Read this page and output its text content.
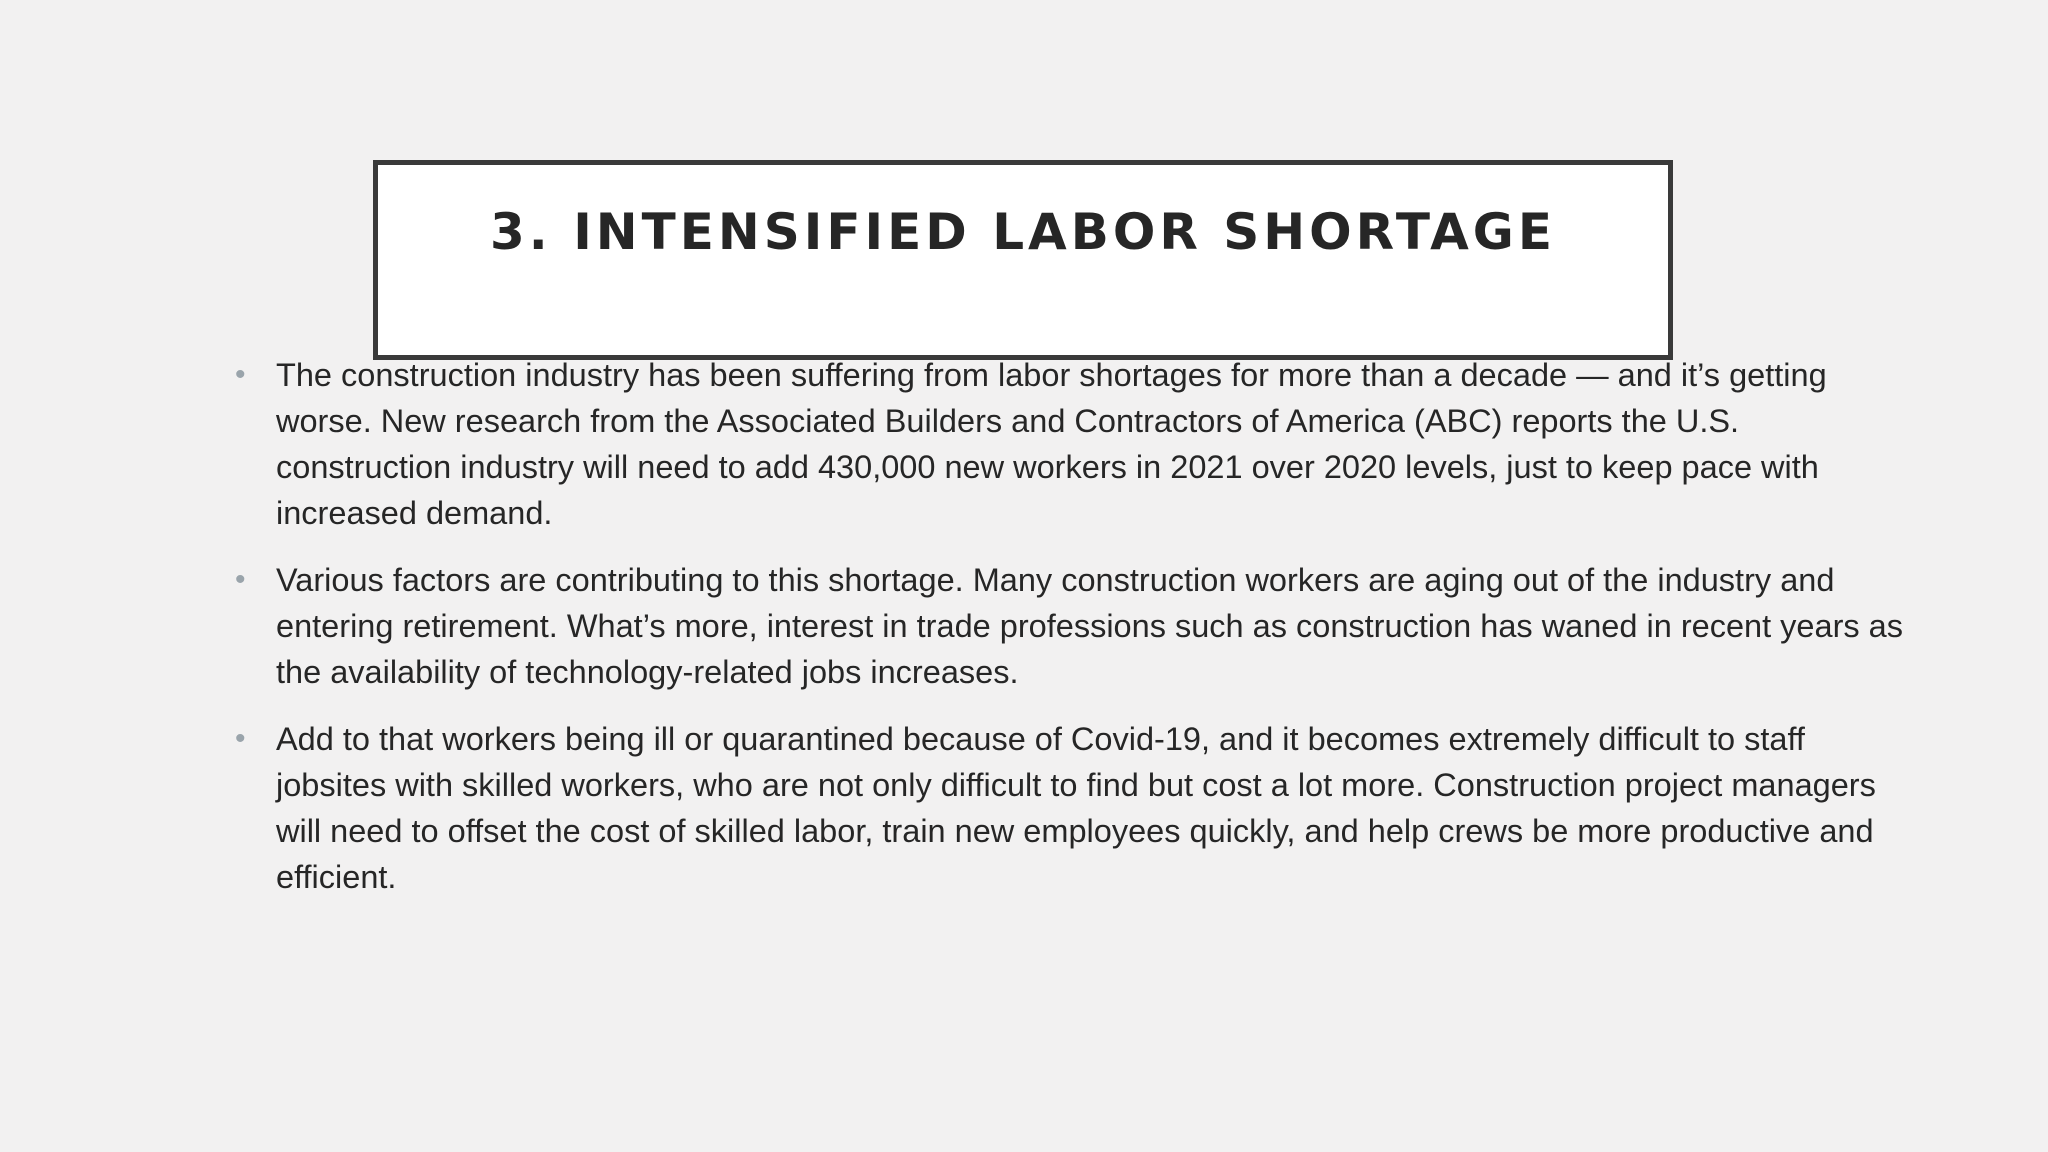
3. INTENSIFIED LABOR SHORTAGE
• The construction industry has been suffering from labor shortages for more than a decade — and it’s getting worse. New research from the Associated Builders and Contractors of America (ABC) reports the U.S. construction industry will need to add 430,000 new workers in 2021 over 2020 levels, just to keep pace with increased demand.
• Various factors are contributing to this shortage. Many construction workers are aging out of the industry and entering retirement. What’s more, interest in trade professions such as construction has waned in recent years as the availability of technology-related jobs increases.
• Add to that workers being ill or quarantined because of Covid-19, and it becomes extremely difficult to staff jobsites with skilled workers, who are not only difficult to find but cost a lot more. Construction project managers will need to offset the cost of skilled labor, train new employees quickly, and help crews be more productive and efficient.
